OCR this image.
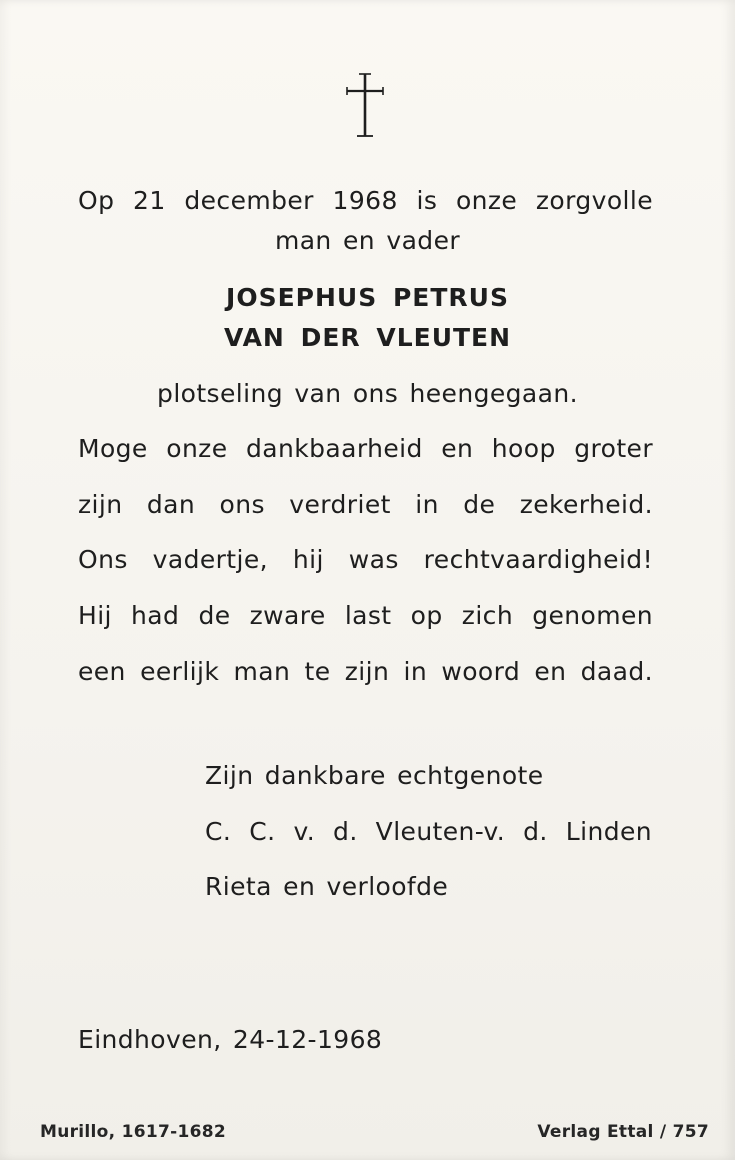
Op 21 december 1968 is onze zorgvolle
man en vader
JOSEPHUS PETRUS
VAN DER VLEUTEN
plotseling van ons heengegaan.
Moge onze dankbaarheid en hoop groter
zijn dan ons verdriet in de zekerheid.
Ons vadertje, hij was rechtvaardigheid!
Hij had de zware last op zich genomen
een eerlijk man te zijn in woord en daad.
Zijn dankbare echtgenote
C. C. v. d. Vleuten-v. d. Linden
Rieta en verloofde
Eindhoven, 24-12-1968
Murillo, 1617-1682	Verlag Ettal / 757
